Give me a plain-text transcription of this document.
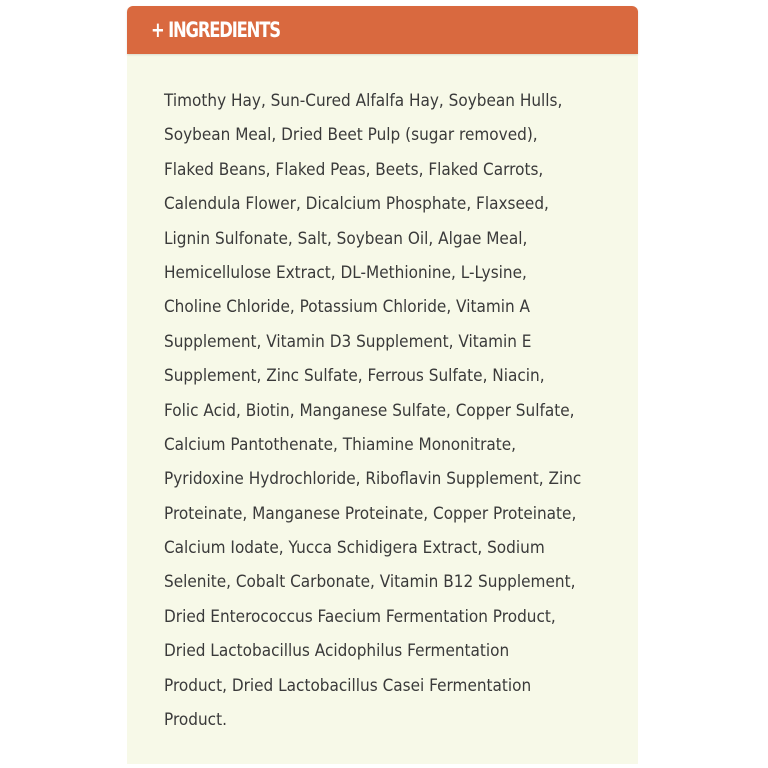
+ INGREDIENTS

Timothy Hay, Sun-Cured Alfalfa Hay, Soybean Hulls,
Soybean Meal, Dried Beet Pulp (sugar removed),
Flaked Beans, Flaked Peas, Beets, Flaked Carrots,
Calendula Flower, Dicalcium Phosphate, Flaxseed,
Lignin Sulfonate, Salt, Soybean Oil, Algae Meal,
Hemicellulose Extract, DL-Methionine, L-Lysine,
Choline Chloride, Potassium Chloride, Vitamin A
Supplement, Vitamin D3 Supplement, Vitamin E
Supplement, Zinc Sulfate, Ferrous Sulfate, Niacin,
Folic Acid, Biotin, Manganese Sulfate, Copper Sulfate,
Calcium Pantothenate, Thiamine Mononitrate,
Pyridoxine Hydrochloride, Riboflavin Supplement, Zinc
Proteinate, Manganese Proteinate, Copper Proteinate,
Calcium Iodate, Yucca Schidigera Extract, Sodium
Selenite, Cobalt Carbonate, Vitamin B12 Supplement,
Dried Enterococcus Faecium Fermentation Product,
Dried Lactobacillus Acidophilus Fermentation
Product, Dried Lactobacillus Casei Fermentation
Product.
